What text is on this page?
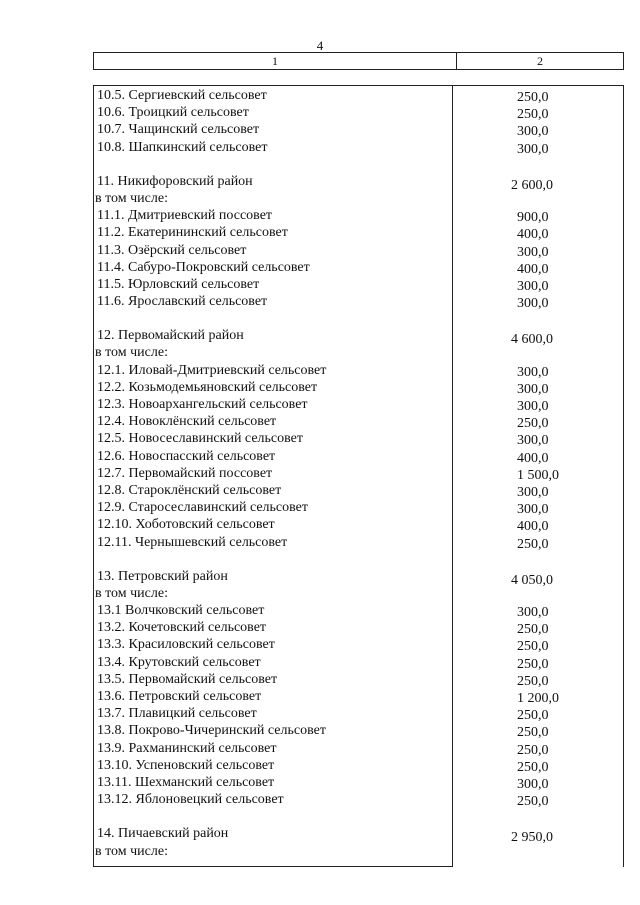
4
1	2
10.5. Сергиевский сельсовет	250,0
10.6. Троицкий сельсовет	250,0
10.7. Чащинский сельсовет	300,0
10.8. Шапкинский сельсовет	300,0
11. Никифоровский район	2 600,0
в том числе:
11.1. Дмитриевский поссовет	900,0
11.2. Екатерининский сельсовет	400,0
11.3. Озёрский сельсовет	300,0
11.4. Сабуро-Покровский сельсовет	400,0
11.5. Юрловский сельсовет	300,0
11.6. Ярославский сельсовет	300,0
12. Первомайский район	4 600,0
в том числе:
12.1. Иловай-Дмитриевский сельсовет	300,0
12.2. Козьмодемьяновский сельсовет	300,0
12.3. Новоархангельский сельсовет	300,0
12.4. Новоклёнский сельсовет	250,0
12.5. Новосеславинский сельсовет	300,0
12.6. Новоспасский сельсовет	400,0
12.7. Первомайский поссовет	1 500,0
12.8. Староклёнский сельсовет	300,0
12.9. Старосеславинский сельсовет	300,0
12.10. Хоботовский сельсовет	400,0
12.11. Чернышевский сельсовет	250,0
13. Петровский район	4 050,0
в том числе:
13.1 Волчковский сельсовет	300,0
13.2. Кочетовский сельсовет	250,0
13.3. Красиловский сельсовет	250,0
13.4. Крутовский сельсовет	250,0
13.5. Первомайский сельсовет	250,0
13.6. Петровский сельсовет	1 200,0
13.7. Плавицкий сельсовет	250,0
13.8. Покрово-Чичеринский сельсовет	250,0
13.9. Рахманинский сельсовет	250,0
13.10. Успеновский сельсовет	250,0
13.11. Шехманский сельсовет	300,0
13.12. Яблоновецкий сельсовет	250,0
14. Пичаевский район	2 950,0
в том числе:
